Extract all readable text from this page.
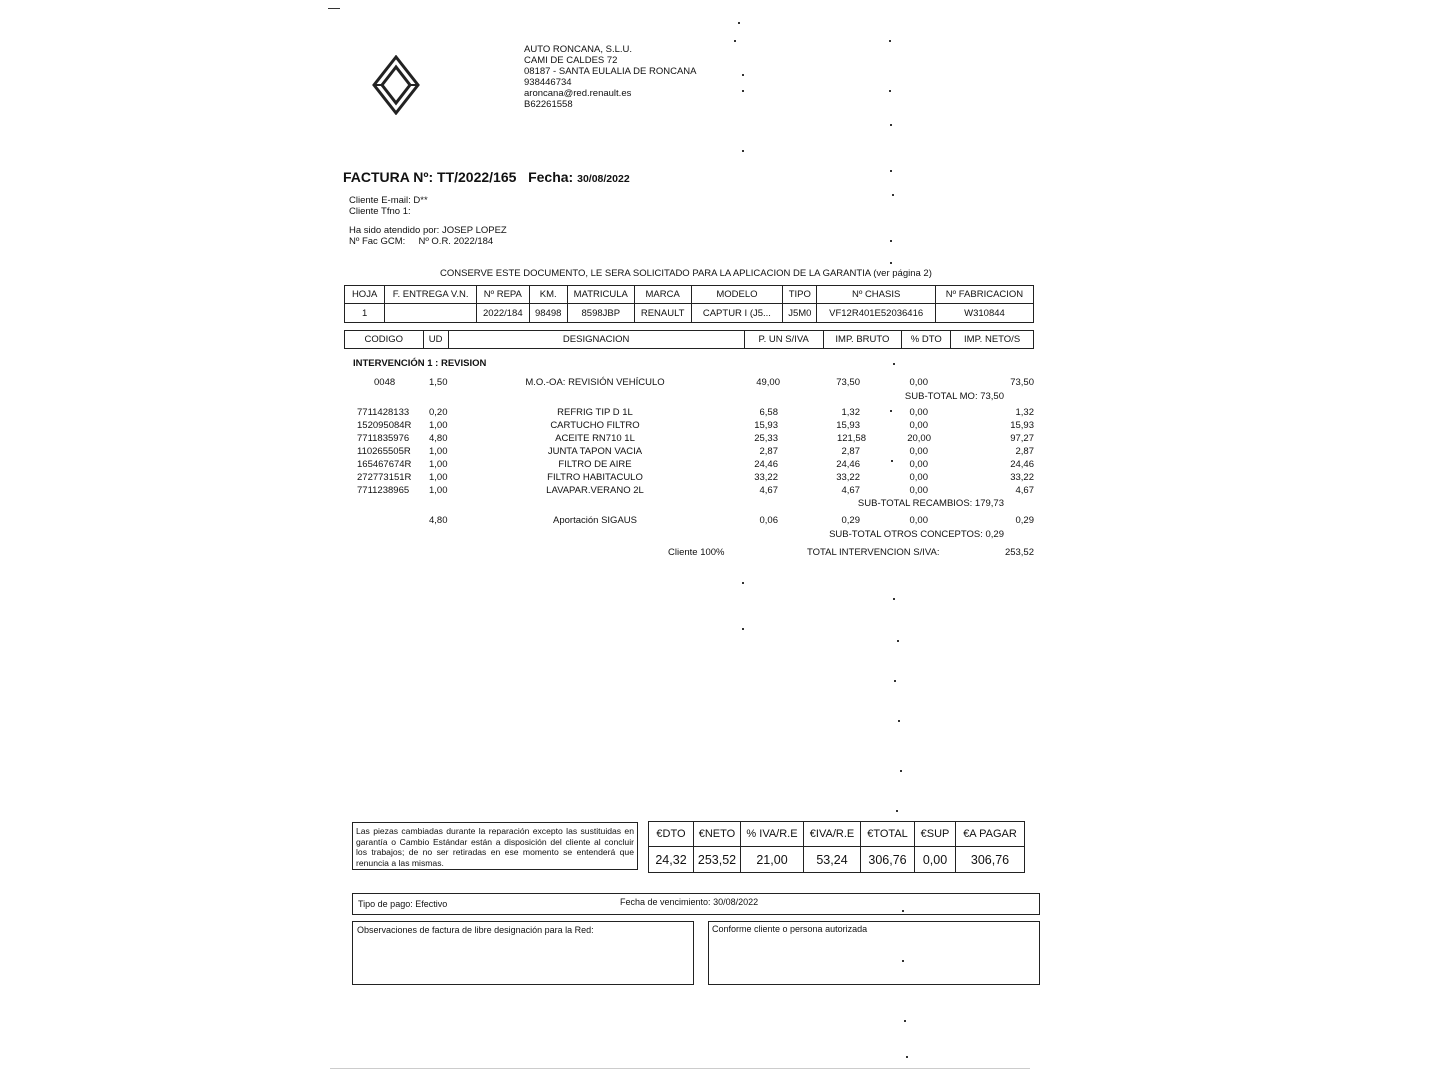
AUTO RONCANA, S.L.U.
CAMI DE CALDES 72
08187 - SANTA EULALIA DE RONCANA
938446734
aroncana@red.renault.es
B62261558
FACTURA Nº: TT/2022/165 Fecha: 30/08/2022
Cliente E-mail: D**
Cliente Tfno 1:
Ha sido atendido por: JOSEP LOPEZ
Nº Fac GCM: Nº O.R. 2022/184
CONSERVE ESTE DOCUMENTO, LE SERA SOLICITADO PARA LA APLICACION DE LA GARANTIA (ver página 2)
HOJA	F. ENTREGA V.N.	Nº REPA	KM.	MATRICULA	MARCA	MODELO	TIPO	Nº CHASIS	Nº FABRICACION
1		2022/184	98498	8598JBP	RENAULT	CAPTUR I (J5...	J5M0	VF12R401E52036416	W310844
CODIGO	UD	DESIGNACION	P. UN S/IVA	IMP. BRUTO	% DTO	IMP. NETO/S
INTERVENCIÓN 1 : REVISION
0048	1,50	M.O.-OA: REVISIÓN VEHÍCULO	49,00	73,50	0,00	73,50
SUB-TOTAL MO: 73,50
7711428133 0,20	REFRIG TIP D 1L	6,58	1,32	0,00	1,32
152095084R 1,00	CARTUCHO FILTRO	15,93	15,93	0,00	15,93
7711835976 4,80	ACEITE RN710 1L	25,33	121,58	20,00	97,27
110265505R 1,00	JUNTA TAPON VACIA	2,87	2,87	0,00	2,87
165467674R 1,00	FILTRO DE AIRE	24,46	24,46	0,00	24,46
272773151R 1,00	FILTRO HABITACULO	33,22	33,22	0,00	33,22
7711238965 1,00	LAVAPAR.VERANO 2L	4,67	4,67	0,00	4,67
SUB-TOTAL RECAMBIOS: 179,73
4,80	Aportación SIGAUS	0,06	0,29	0,00	0,29
SUB-TOTAL OTROS CONCEPTOS: 0,29
Cliente 100%	TOTAL INTERVENCION S/IVA:	253,52
Las piezas cambiadas durante la reparación excepto las sustituidas en garantía o Cambio Estándar están a disposición del cliente al concluir los trabajos; de no ser retiradas en ese momento se entenderá que renuncia a las mismas.
€DTO	€NETO	% IVA/R.E	€IVA/R.E	€TOTAL	€SUP	€A PAGAR
24,32	253,52	21,00	53,24	306,76	0,00	306,76
Tipo de pago: Efectivo	Fecha de vencimiento: 30/08/2022
Observaciones de factura de libre designación para la Red:	Conforme cliente o persona autorizada
